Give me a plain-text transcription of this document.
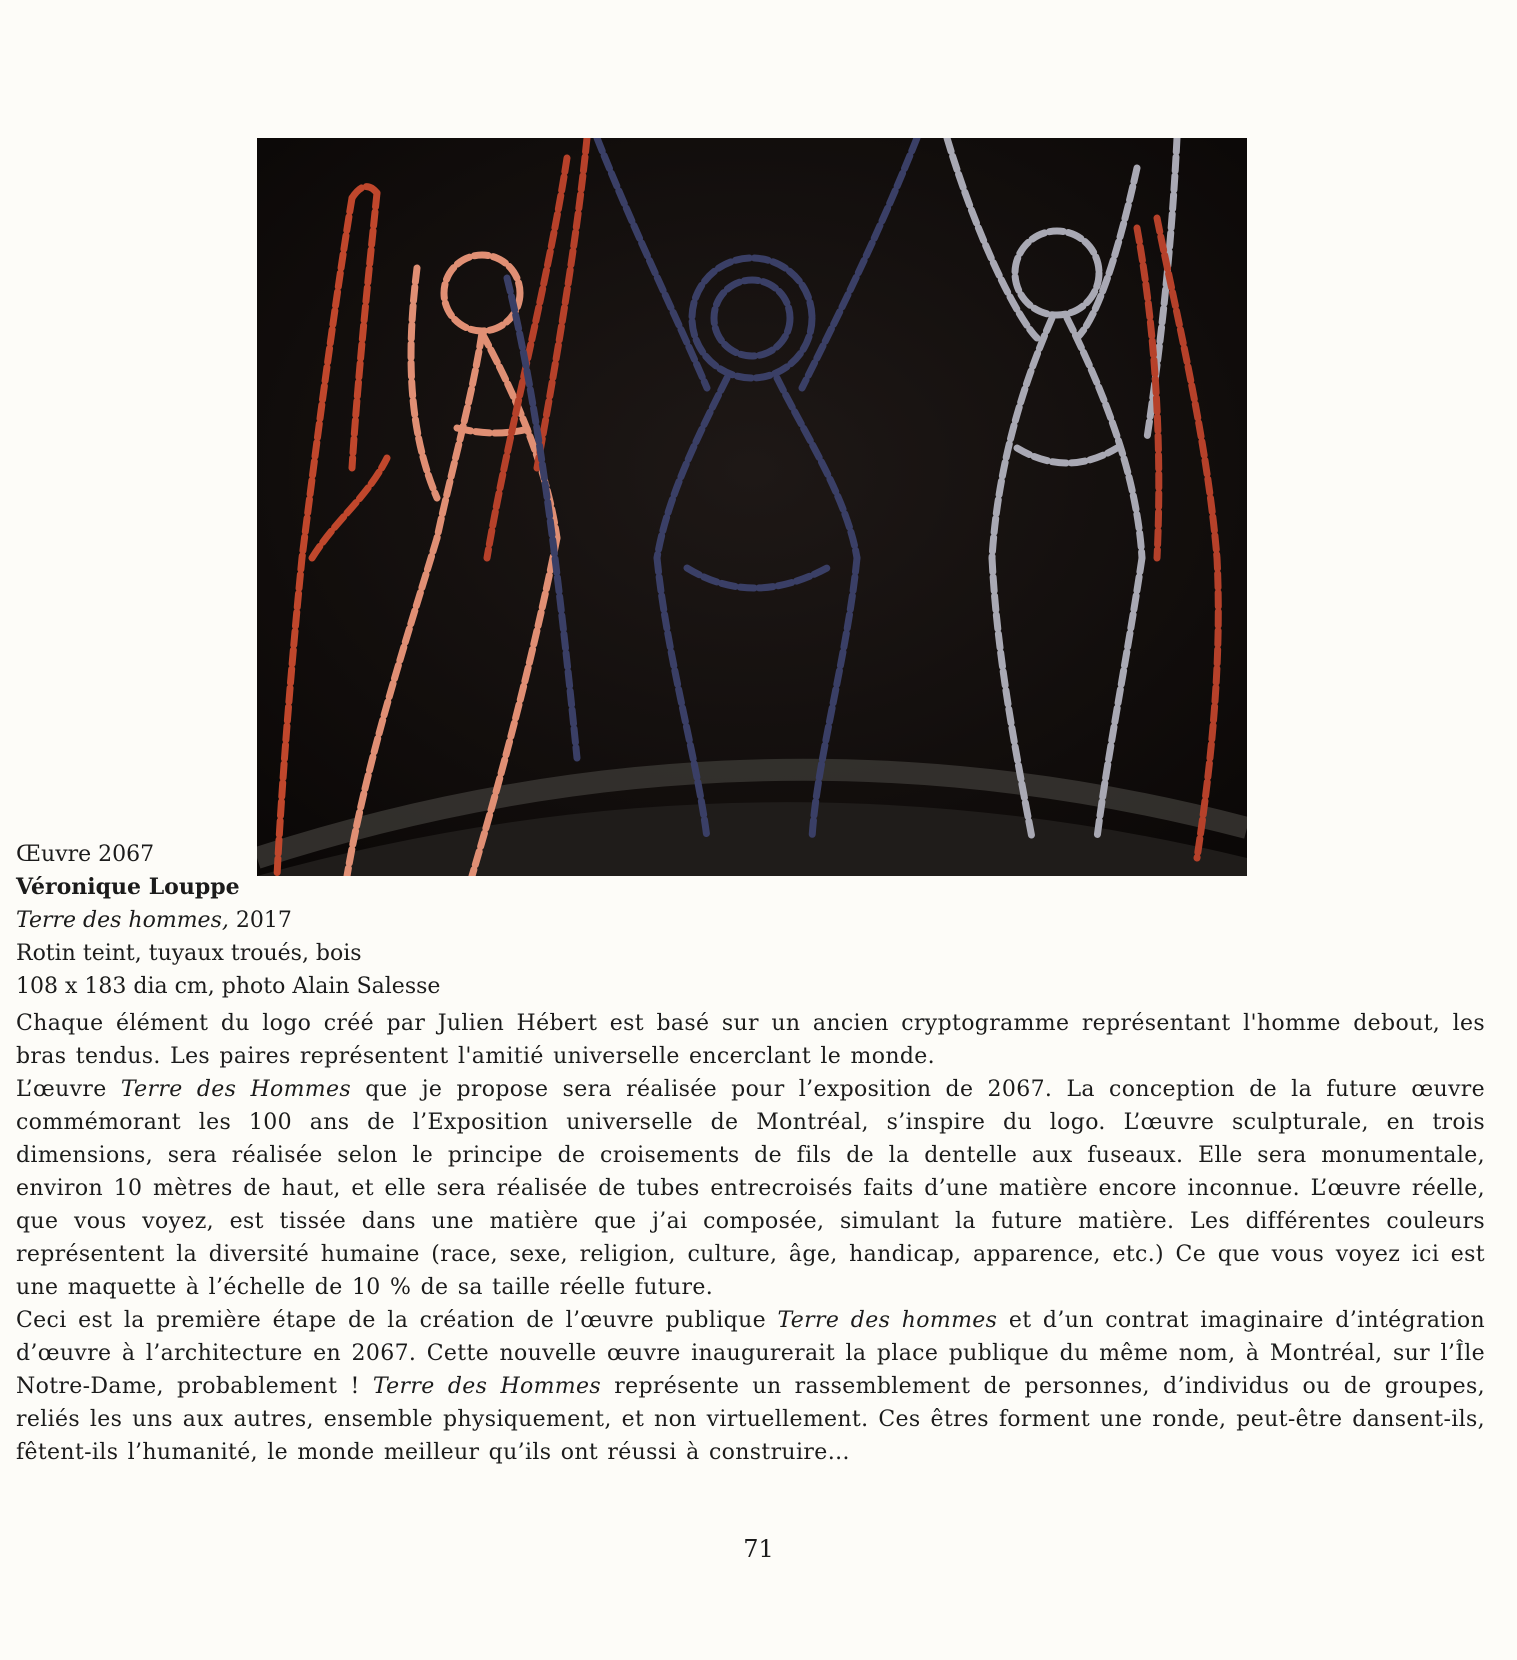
Œuvre 2067
Véronique Louppe
Terre des hommes, 2017
Rotin teint, tuyaux troués, bois
108 x 183 dia cm, photo Alain Salesse

Chaque élément du logo créé par Julien Hébert est basé sur un ancien cryptogramme représentant l'homme debout, les bras tendus. Les paires représentent l'amitié universelle encerclant le monde.

L’œuvre Terre des Hommes que je propose sera réalisée pour l’exposition de 2067. La conception de la future œuvre commémorant les 100 ans de l’Exposition universelle de Montréal, s’inspire du logo. L’œuvre sculpturale, en trois dimensions, sera réalisée selon le principe de croisements de fils de la dentelle aux fuseaux. Elle sera monumentale, environ 10 mètres de haut, et elle sera réalisée de tubes entrecroisés faits d’une matière encore inconnue. L’œuvre réelle, que vous voyez, est tissée dans une matière que j’ai composée, simulant la future matière. Les différentes couleurs représentent la diversité humaine (race, sexe, religion, culture, âge, handicap, apparence, etc.) Ce que vous voyez ici est une maquette à l’échelle de 10 % de sa taille réelle future.

Ceci est la première étape de la création de l’œuvre publique Terre des hommes et d’un contrat imaginaire d’intégration d’œuvre à l’architecture en 2067. Cette nouvelle œuvre inaugurerait la place publique du même nom, à Montréal, sur l’Île Notre-Dame, probablement ! Terre des Hommes représente un rassemblement de personnes, d’individus ou de groupes, reliés les uns aux autres, ensemble physiquement, et non virtuellement. Ces êtres forment une ronde, peut-être dansent-ils, fêtent-ils l’humanité, le monde meilleur qu’ils ont réussi à construire…

71
